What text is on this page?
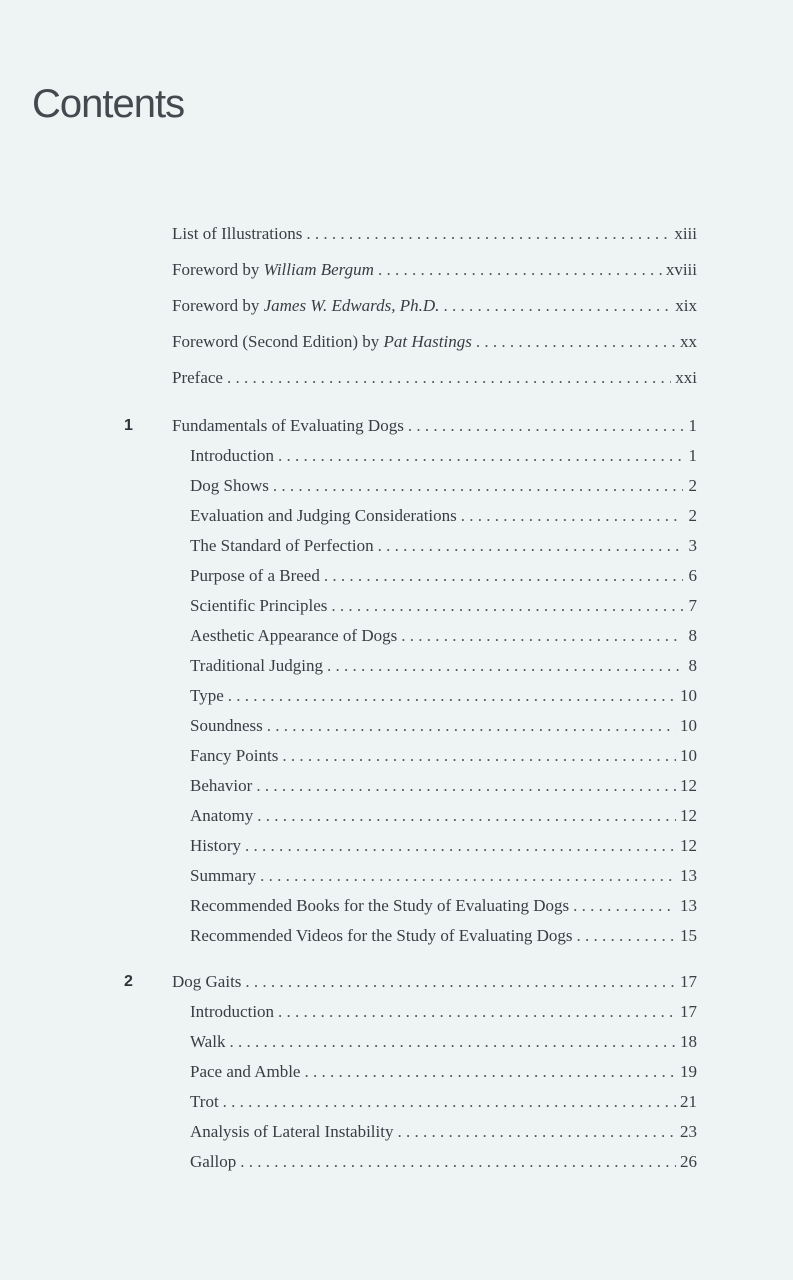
Contents
List of Illustrations . . .	xiii
Foreword by William Bergum . . .	xviii
Foreword by James W. Edwards, Ph.D. . . .	xix
Foreword (Second Edition) by Pat Hastings . . .	xx
Preface . . .	xxi
1 Fundamentals of Evaluating Dogs . . .	1
Introduction . . .	1
Dog Shows . . .	2
Evaluation and Judging Considerations . . .	2
The Standard of Perfection . . .	3
Purpose of a Breed . . .	6
Scientific Principles . . .	7
Aesthetic Appearance of Dogs . . .	8
Traditional Judging . . .	8
Type . . .	10
Soundness . . .	10
Fancy Points . . .	10
Behavior . . .	12
Anatomy . . .	12
History . . .	12
Summary . . .	13
Recommended Books for the Study of Evaluating Dogs . . .	13
Recommended Videos for the Study of Evaluating Dogs . . .	15
2 Dog Gaits . . .	17
Introduction . . .	17
Walk . . .	18
Pace and Amble . . .	19
Trot . . .	21
Analysis of Lateral Instability . . .	23
Gallop . . .	26
